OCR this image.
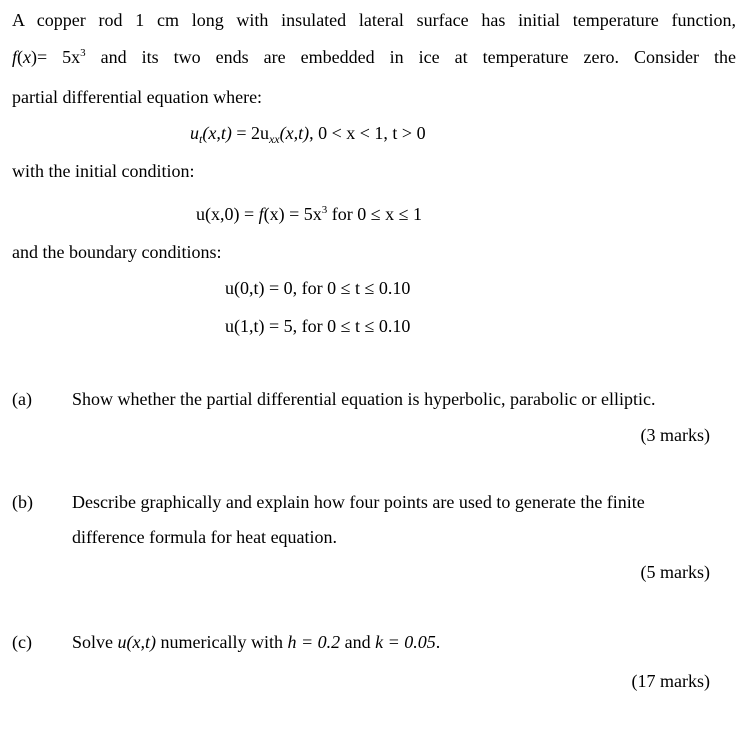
A copper rod 1 cm long with insulated lateral surface has initial temperature function,
$f(x)= 5x^3$ and its two ends are embedded in ice at temperature zero. Consider the
partial differential equation where:
$u_t(x,t) = 2u_{xx}(x,t)$, 0 < x < 1, t > 0
with the initial condition:
$u(x,0) = f(x) = 5x^3$ for 0 ≤ x ≤ 1
and the boundary conditions:
u(0,t) = 0, for 0 ≤ t ≤ 0.10
u(1,t) = 5, for 0 ≤ t ≤ 0.10
(a) Show whether the partial differential equation is hyperbolic, parabolic or elliptic.
(3 marks)
(b) Describe graphically and explain how four points are used to generate the finite
difference formula for heat equation.
(5 marks)
(c) Solve u(x,t) numerically with h = 0.2 and k = 0.05.
(17 marks)
